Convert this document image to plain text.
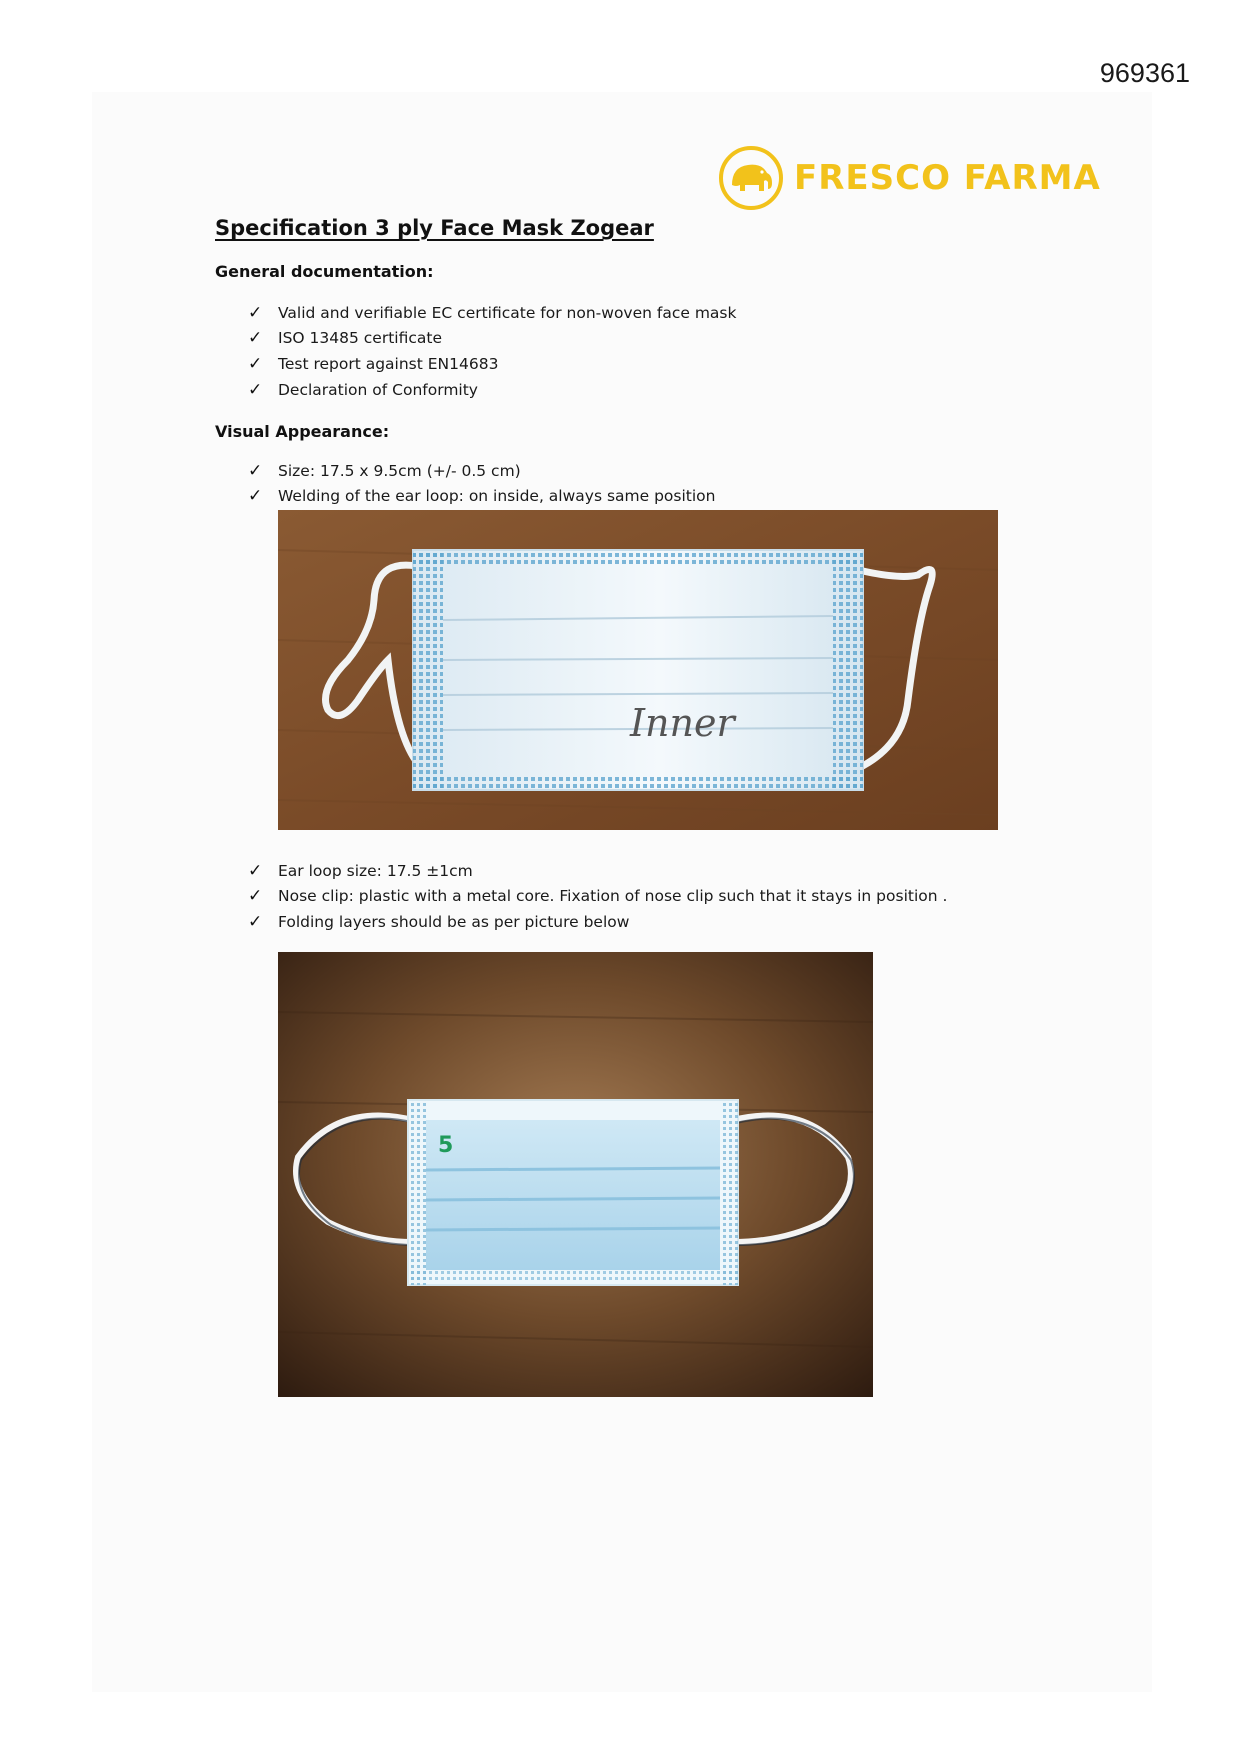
969361
FRESCO FARMA
Specification 3 ply Face Mask Zogear
General documentation:
✓	Valid and verifiable EC certificate for non-woven face mask
✓	ISO 13485 certificate
✓	Test report against EN14683
✓	Declaration of Conformity
Visual Appearance:
✓	Size: 17.5 x 9.5cm (+/- 0.5 cm)
✓	Welding of the ear loop: on inside, always same position
Inner
✓	Ear loop size: 17.5 ±1cm
✓	Nose clip: plastic with a metal core. Fixation of nose clip such that it stays in position .
✓	Folding layers should be as per picture below
5
